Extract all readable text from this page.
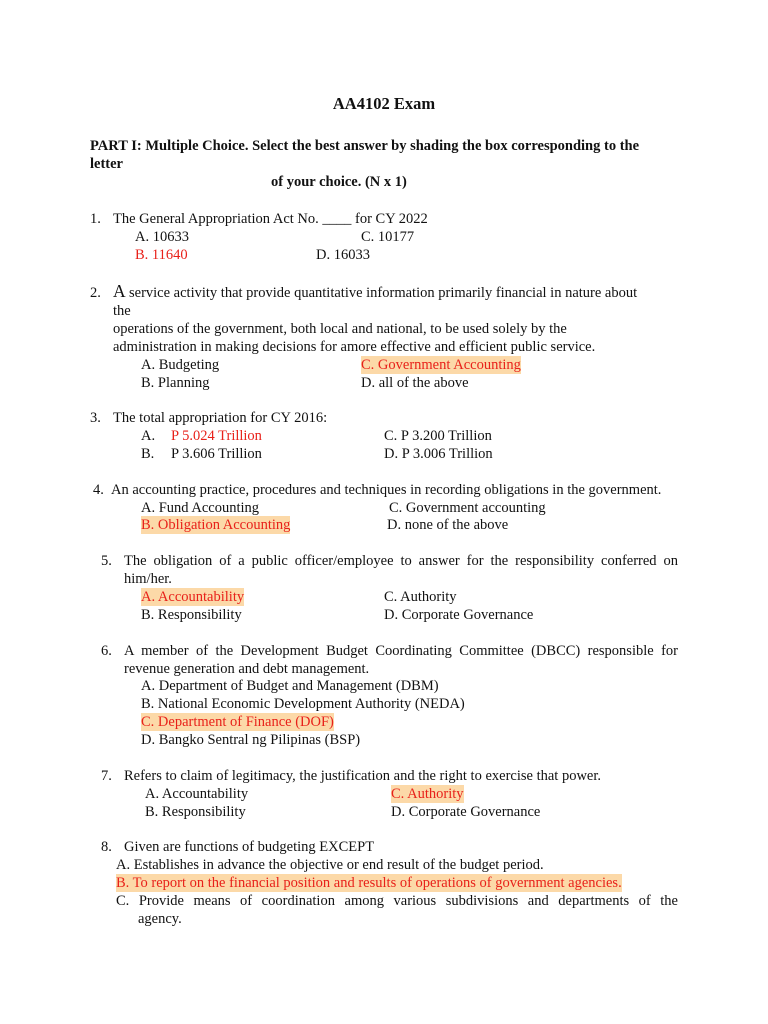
AA4102 Exam
PART I: Multiple Choice. Select the best answer by shading the box corresponding to the
letter
of your choice. (N x 1)
1. The General Appropriation Act No. ____ for CY 2022
A. 10633	C. 10177
B. 11640	D. 16033
2. A service activity that provide quantitative information primarily financial in nature about
the
operations of the government, both local and national, to be used solely by the
administration in making decisions for amore effective and efficient public service.
A. Budgeting	C. Government Accounting
B. Planning	D. all of the above
3. The total appropriation for CY 2016:
A. P 5.024 Trillion	C. P 3.200 Trillion
B. P 3.606 Trillion	D. P 3.006 Trillion
4. An accounting practice, procedures and techniques in recording obligations in the government.
A. Fund Accounting	C. Government accounting
B. Obligation Accounting	D. none of the above
5. The obligation of a public officer/employee to answer for the responsibility conferred on
him/her.
A. Accountability	C. Authority
B. Responsibility	D. Corporate Governance
6. A member of the Development Budget Coordinating Committee (DBCC) responsible for
revenue generation and debt management.
A. Department of Budget and Management (DBM)
B. National Economic Development Authority (NEDA)
C. Department of Finance (DOF)
D. Bangko Sentral ng Pilipinas (BSP)
7. Refers to claim of legitimacy, the justification and the right to exercise that power.
A. Accountability	C. Authority
B. Responsibility	D. Corporate Governance
8. Given are functions of budgeting EXCEPT
A. Establishes in advance the objective or end result of the budget period.
B. To report on the financial position and results of operations of government agencies.
C. Provide means of coordination among various subdivisions and departments of the
agency.
